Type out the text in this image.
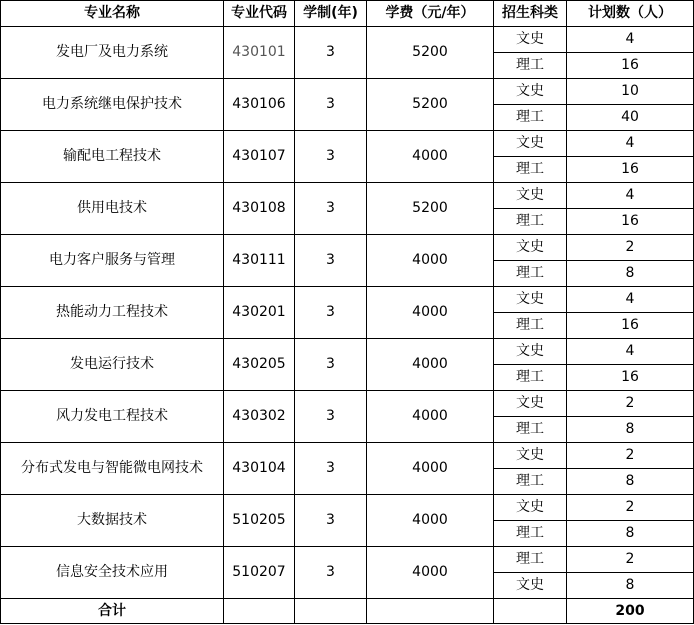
专业名称	专业代码	学制(年)	学费（元/年）	招生科类	计划数（人）
发电厂及电力系统	430101	3	5200	文史	4
				理工	16
电力系统继电保护技术	430106	3	5200	文史	10
				理工	40
输配电工程技术	430107	3	4000	文史	4
				理工	16
供用电技术	430108	3	5200	文史	4
				理工	16
电力客户服务与管理	430111	3	4000	文史	2
				理工	8
热能动力工程技术	430201	3	4000	文史	4
				理工	16
发电运行技术	430205	3	4000	文史	4
				理工	16
风力发电工程技术	430302	3	4000	文史	2
				理工	8
分布式发电与智能微电网技术	430104	3	4000	文史	2
				理工	8
大数据技术	510205	3	4000	文史	2
				理工	8
信息安全技术应用	510207	3	4000	理工	2
				文史	8
合计					200
